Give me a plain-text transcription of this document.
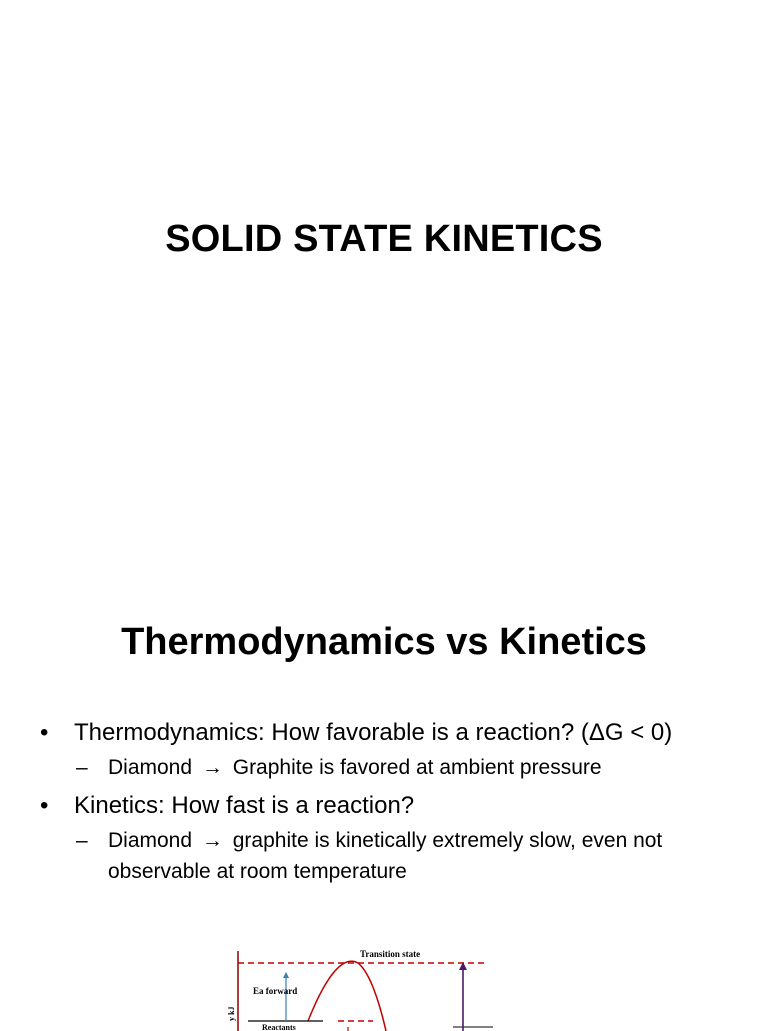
SOLID STATE KINETICS
Thermodynamics vs Kinetics
• Thermodynamics: How favorable is a reaction? (ΔG < 0)
– Diamond → Graphite is favored at ambient pressure
• Kinetics: How fast is a reaction?
– Diamond → graphite is kinetically extremely slow, even not observable at room temperature
y kJ
Transition state
Reactants
Ea forward
